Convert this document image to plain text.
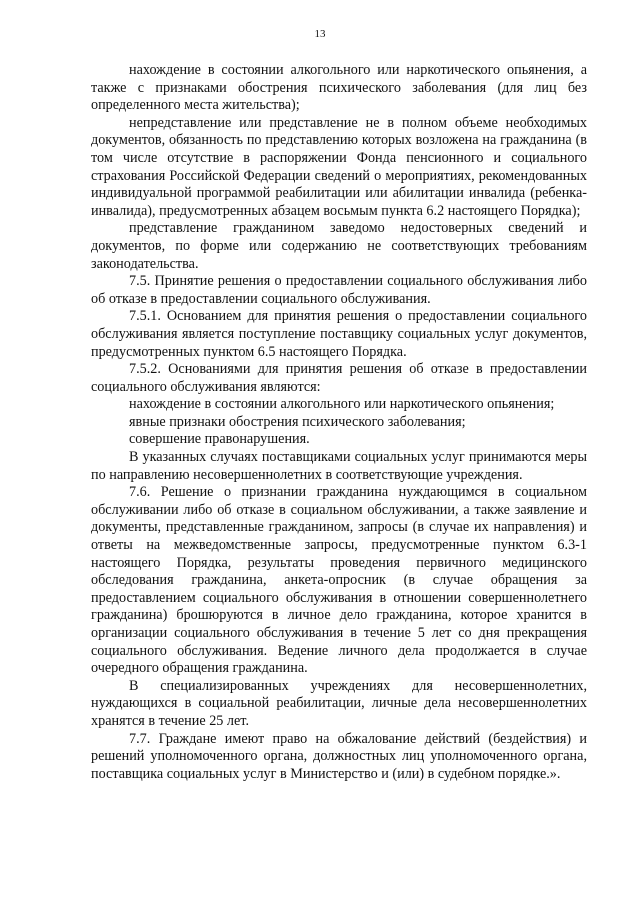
13

нахождение в состоянии алкогольного или наркотического опьянения, а также с признаками обострения психического заболевания (для лиц без определенного места жительства);

непредставление или представление не в полном объеме необходимых документов, обязанность по представлению которых возложена на гражданина (в том числе отсутствие в распоряжении Фонда пенсионного и социального страхования Российской Федерации сведений о мероприятиях, рекомендованных индивидуальной программой реабилитации или абилитации инвалида (ребенка-инвалида), предусмотренных абзацем восьмым пункта 6.2 настоящего Порядка);

представление гражданином заведомо недостоверных сведений и документов, по форме или содержанию не соответствующих требованиям законодательства.

7.5. Принятие решения о предоставлении социального обслуживания либо об отказе в предоставлении социального обслуживания.

7.5.1. Основанием для принятия решения о предоставлении социального обслуживания является поступление поставщику социальных услуг документов, предусмотренных пунктом 6.5 настоящего Порядка.

7.5.2. Основаниями для принятия решения об отказе в предоставлении социального обслуживания являются:

нахождение в состоянии алкогольного или наркотического опьянения;

явные признаки обострения психического заболевания;

совершение правонарушения.

В указанных случаях поставщиками социальных услуг принимаются меры по направлению несовершеннолетних в соответствующие учреждения.

7.6. Решение о признании гражданина нуждающимся в социальном обслуживании либо об отказе в социальном обслуживании, а также заявление и документы, представленные гражданином, запросы (в случае их направления) и ответы на межведомственные запросы, предусмотренные пунктом 6.3-1 настоящего Порядка, результаты проведения первичного медицинского обследования гражданина, анкета-опросник (в случае обращения за предоставлением социального обслуживания в отношении совершеннолетнего гражданина) брошюруются в личное дело гражданина, которое хранится в организации социального обслуживания в течение 5 лет со дня прекращения социального обслуживания. Ведение личного дела продолжается в случае очередного обращения гражданина.

В специализированных учреждениях для несовершеннолетних, нуждающихся в социальной реабилитации, личные дела несовершеннолетних хранятся в течение 25 лет.

7.7. Граждане имеют право на обжалование действий (бездействия) и решений уполномоченного органа, должностных лиц уполномоченного органа, поставщика социальных услуг в Министерство и (или) в судебном порядке.».
